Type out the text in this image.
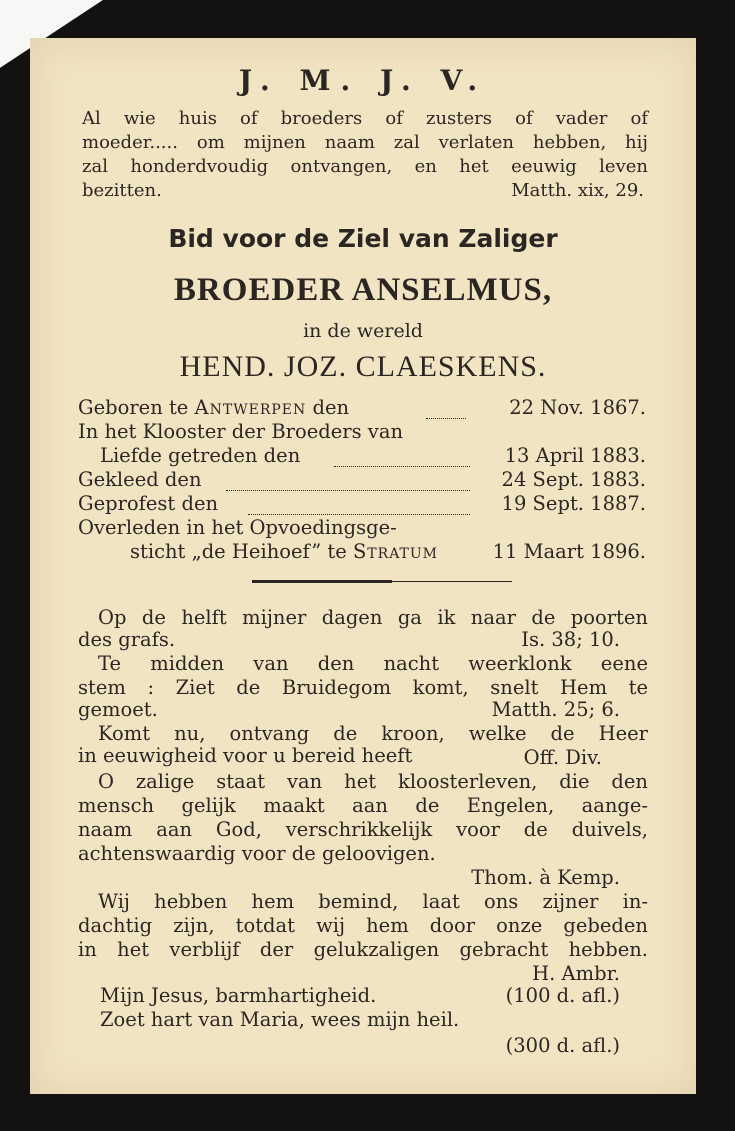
J. M. J. V.
Al wie huis of broeders of zusters of vader of
moeder..... om mijnen naam zal verlaten hebben, hij
zal honderdvoudig ontvangen, en het eeuwig leven
bezitten.	Matth. xix, 29.
Bid voor de Ziel van Zaliger
BROEDER ANSELMUS,
in de wereld
HEND. JOZ. CLAESKENS.
Geboren te Antwerpen den	22 Nov. 1867.
In het Klooster der Broeders van
Liefde getreden den	13 April 1883.
Gekleed den	24 Sept. 1883.
Geprofest den	19 Sept. 1887.
Overleden in het Opvoedingsge-
sticht „de Heihoef” te Stratum	11 Maart 1896.
Op de helft mijner dagen ga ik naar de poorten
des grafs.	Is. 38; 10.
Te midden van den nacht weerklonk eene
stem : Ziet de Bruidegom komt, snelt Hem te
gemoet.	Matth. 25; 6.
Komt nu, ontvang de kroon, welke de Heer
in eeuwigheid voor u bereid heeft	Off. Div.
O zalige staat van het kloosterleven, die den
mensch gelijk maakt aan de Engelen, aange-
naam aan God, verschrikkelijk voor de duivels,
achtenswaardig voor de geloovigen.
Thom. à Kemp.
Wij hebben hem bemind, laat ons zijner in-
dachtig zijn, totdat wij hem door onze gebeden
in het verblijf der gelukzaligen gebracht hebben.
H. Ambr.
Mijn Jesus, barmhartigheid.	(100 d. afl.)
Zoet hart van Maria, wees mijn heil.
(300 d. afl.)
